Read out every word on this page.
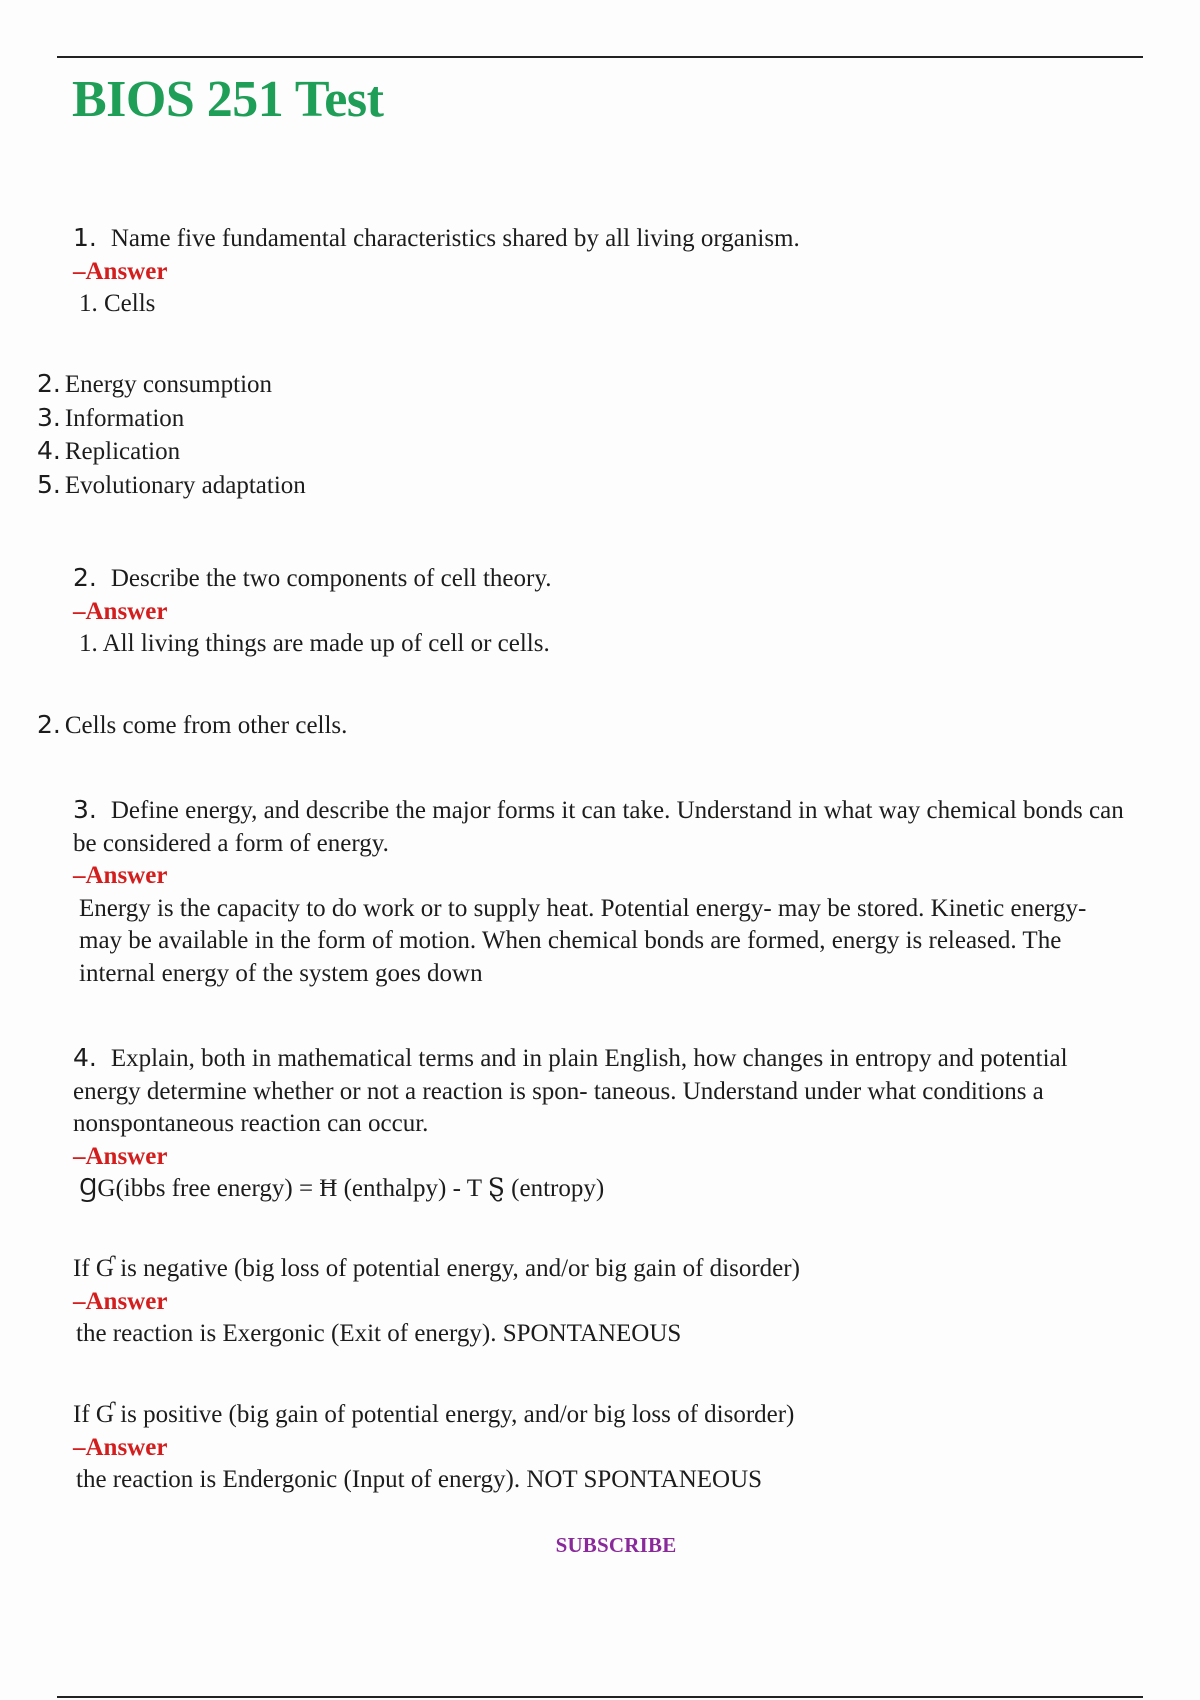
BIOS 251 Test
1. Name five fundamental characteristics shared by all living organism.
–Answer
1. Cells
2. Energy consumption
3. Information
4. Replication
5. Evolutionary adaptation
2. Describe the two components of cell theory.
–Answer
1. All living things are made up of cell or cells.
2. Cells come from other cells.
3. Define energy, and describe the major forms it can take. Understand in what way chemical bonds can be considered a form of energy.
–Answer
Energy is the capacity to do work or to supply heat. Potential energy- may be stored. Kinetic energy- may be available in the form of motion. When chemical bonds are formed, energy is released. The internal energy of the system goes down
4. Explain, both in mathematical terms and in plain English, how changes in entropy and potential energy determine whether or not a reaction is spon- taneous. Understand under what conditions a nonspontaneous reaction can occur.
–Answer
ꞬG(ibbs free energy) = Ħ (enthalpy) - T Ȿ (entropy)
If Ɠ is negative (big loss of potential energy, and/or big gain of disorder)
–Answer
the reaction is Exergonic (Exit of energy). SPONTANEOUS
If Ɠ is positive (big gain of potential energy, and/or big loss of disorder)
–Answer
the reaction is Endergonic (Input of energy). NOT SPONTANEOUS
SUBSCRIBE
